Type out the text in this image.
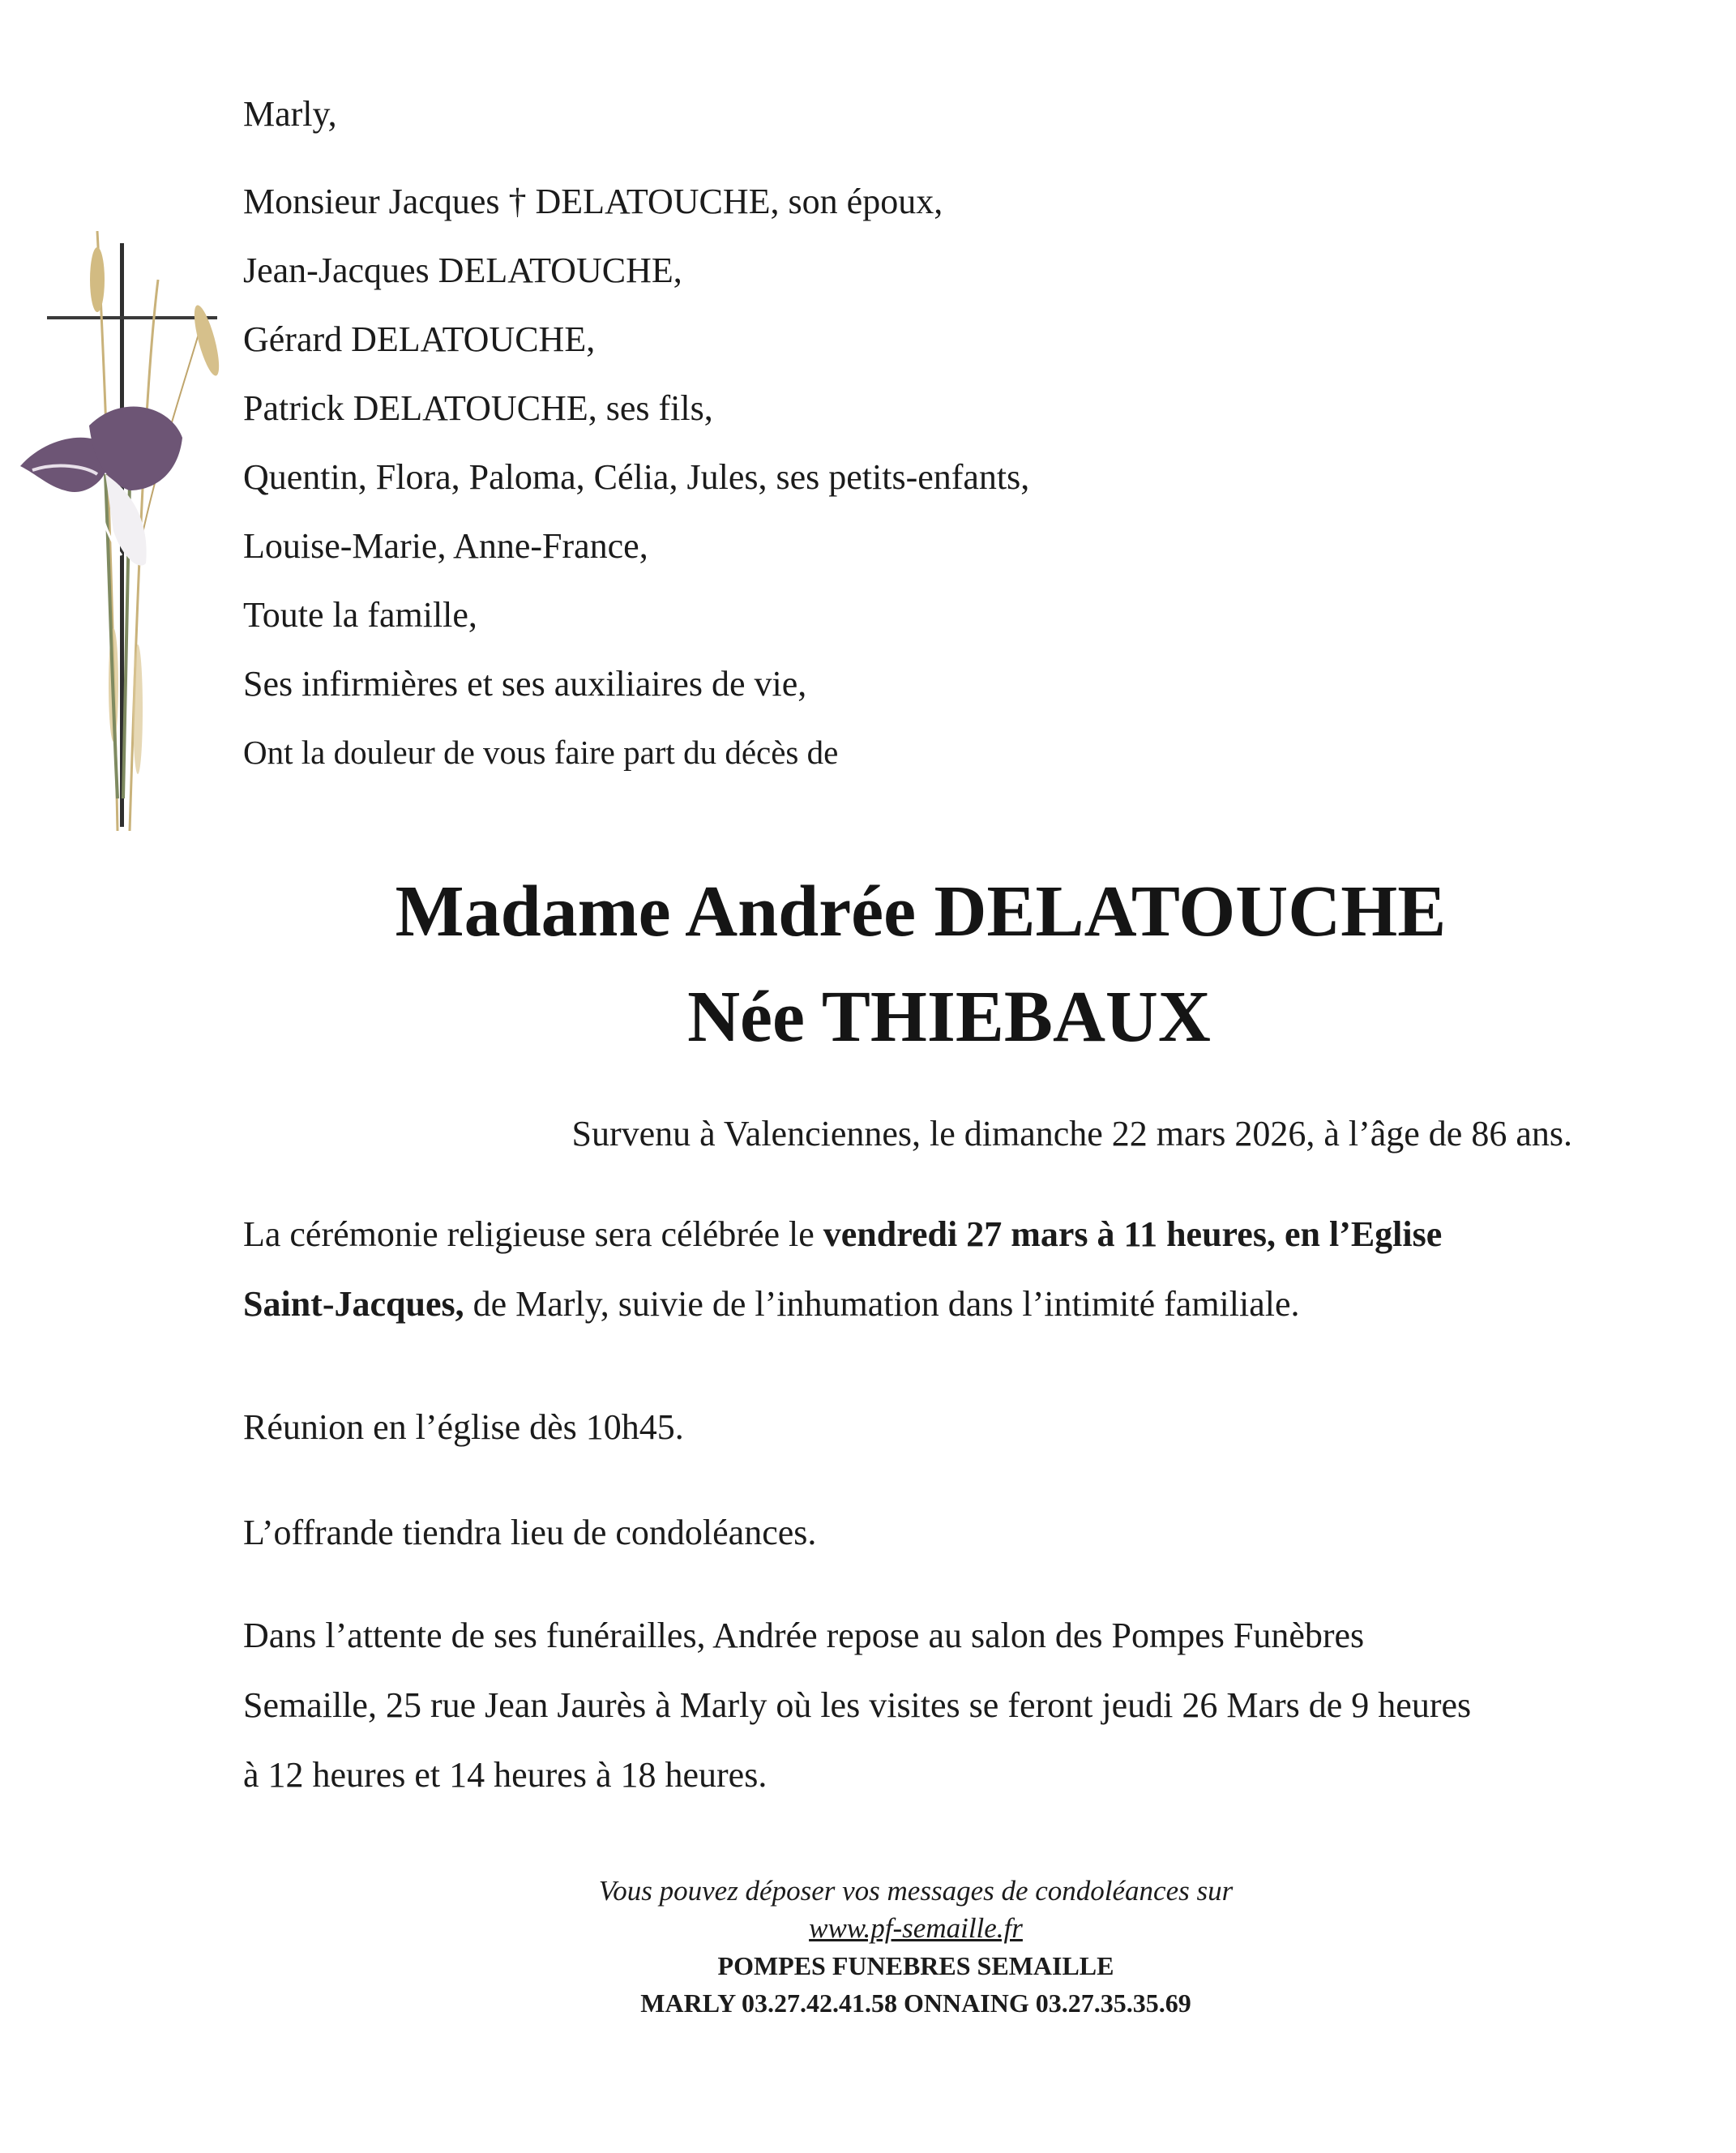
Marly,
Monsieur Jacques † DELATOUCHE, son époux,
Jean-Jacques DELATOUCHE,
Gérard DELATOUCHE,
Patrick DELATOUCHE, ses fils,
Quentin, Flora, Paloma, Célia, Jules, ses petits-enfants,
Louise-Marie, Anne-France,
Toute la famille,
Ses infirmières et ses auxiliaires de vie,
Ont la douleur de vous faire part du décès de
Madame Andrée DELATOUCHE
Née THIEBAUX
Survenu à Valenciennes, le dimanche 22 mars 2026, à l’âge de 86 ans.
La cérémonie religieuse sera célébrée le vendredi 27 mars à 11 heures, en l’Eglise
Saint-Jacques, de Marly, suivie de l’inhumation dans l’intimité familiale.
Réunion en l’église dès 10h45.
L’offrande tiendra lieu de condoléances.
Dans l’attente de ses funérailles, Andrée repose au salon des Pompes Funèbres
Semaille, 25 rue Jean Jaurès à Marly où les visites se feront jeudi 26 Mars de 9 heures
à 12 heures et 14 heures à 18 heures.
Vous pouvez déposer vos messages de condoléances sur
www.pf-semaille.fr
POMPES FUNEBRES SEMAILLE
MARLY 03.27.42.41.58 ONNAING 03.27.35.35.69
